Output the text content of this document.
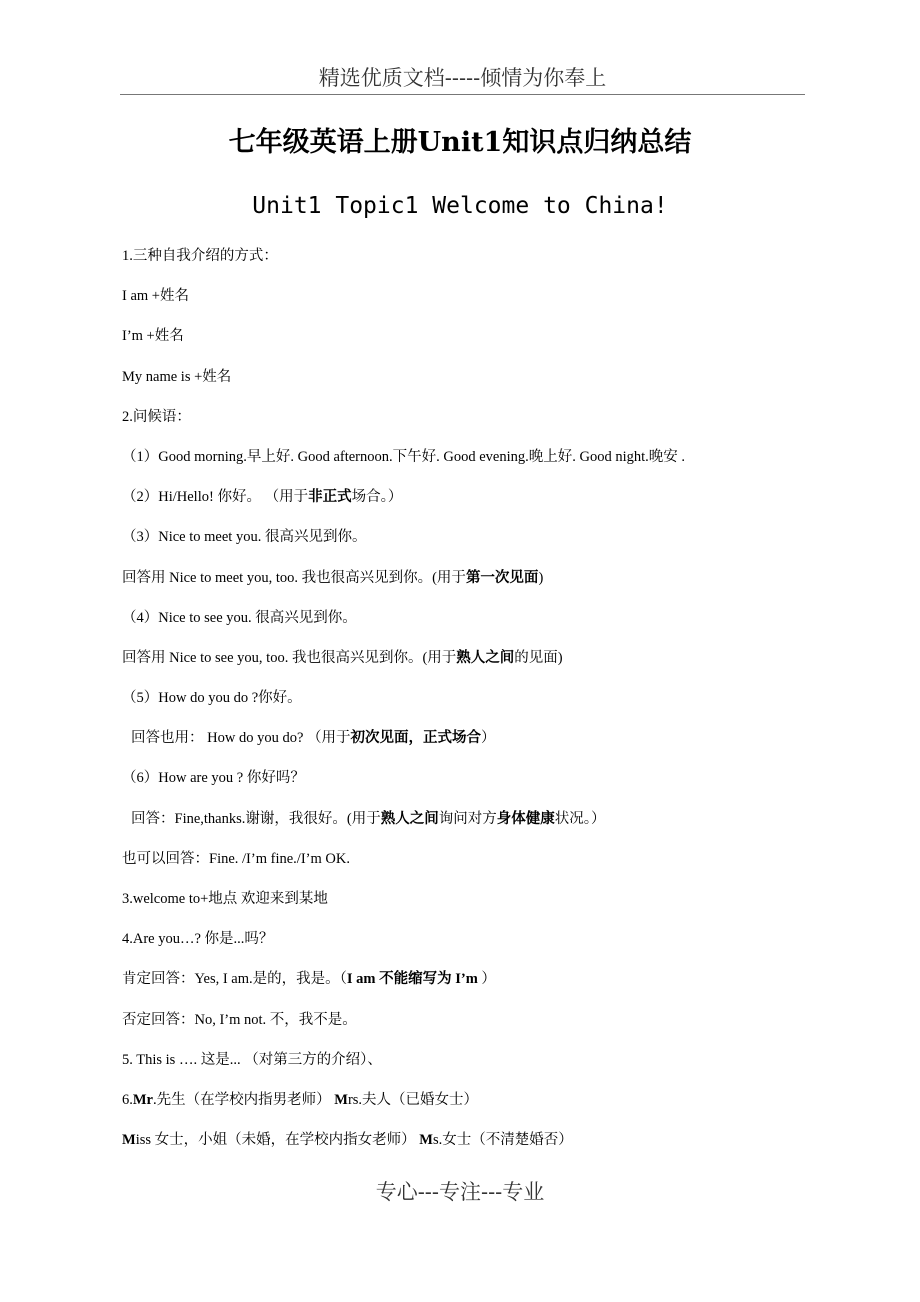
精选优质文档-----倾情为你奉上
七年级英语上册Unit1知识点归纳总结
Unit1 Topic1 Welcome to China!
1.三种自我介绍的方式：
I am +姓名
I’m +姓名
My name is +姓名
2.问候语：
（1）Good morning.早上好. Good afternoon.下午好. Good evening.晚上好. Good night.晚安 .
（2）Hi/Hello! 你好。 （用于非正式场合。）
（3）Nice to meet you. 很高兴见到你。
回答用 Nice to meet you, too. 我也很高兴见到你。(用于第一次见面)
（4）Nice to see you. 很高兴见到你。
回答用 Nice to see you, too. 我也很高兴见到你。(用于熟人之间的见面)
（5）How do you do ?你好。
回答也用： How do you do? （用于初次见面，正式场合）
（6）How are you ? 你好吗？
回答：Fine,thanks.谢谢，我很好。(用于熟人之间询问对方身体健康状况。）
也可以回答：Fine. /I’m fine./I’m OK.
3.welcome to+地点 欢迎来到某地
4.Are you…? 你是...吗？
肯定回答：Yes, I am.是的，我是。（I am 不能缩写为 I’m ）
否定回答：No, I’m not. 不，我不是。
5. This is …. 这是... （对第三方的介绍）、
6.Mr.先生（在学校内指男老师） Mrs.夫人（已婚女士）
Miss 女士，小姐（未婚，在学校内指女老师） Ms.女士（不清楚婚否）
专心---专注---专业
